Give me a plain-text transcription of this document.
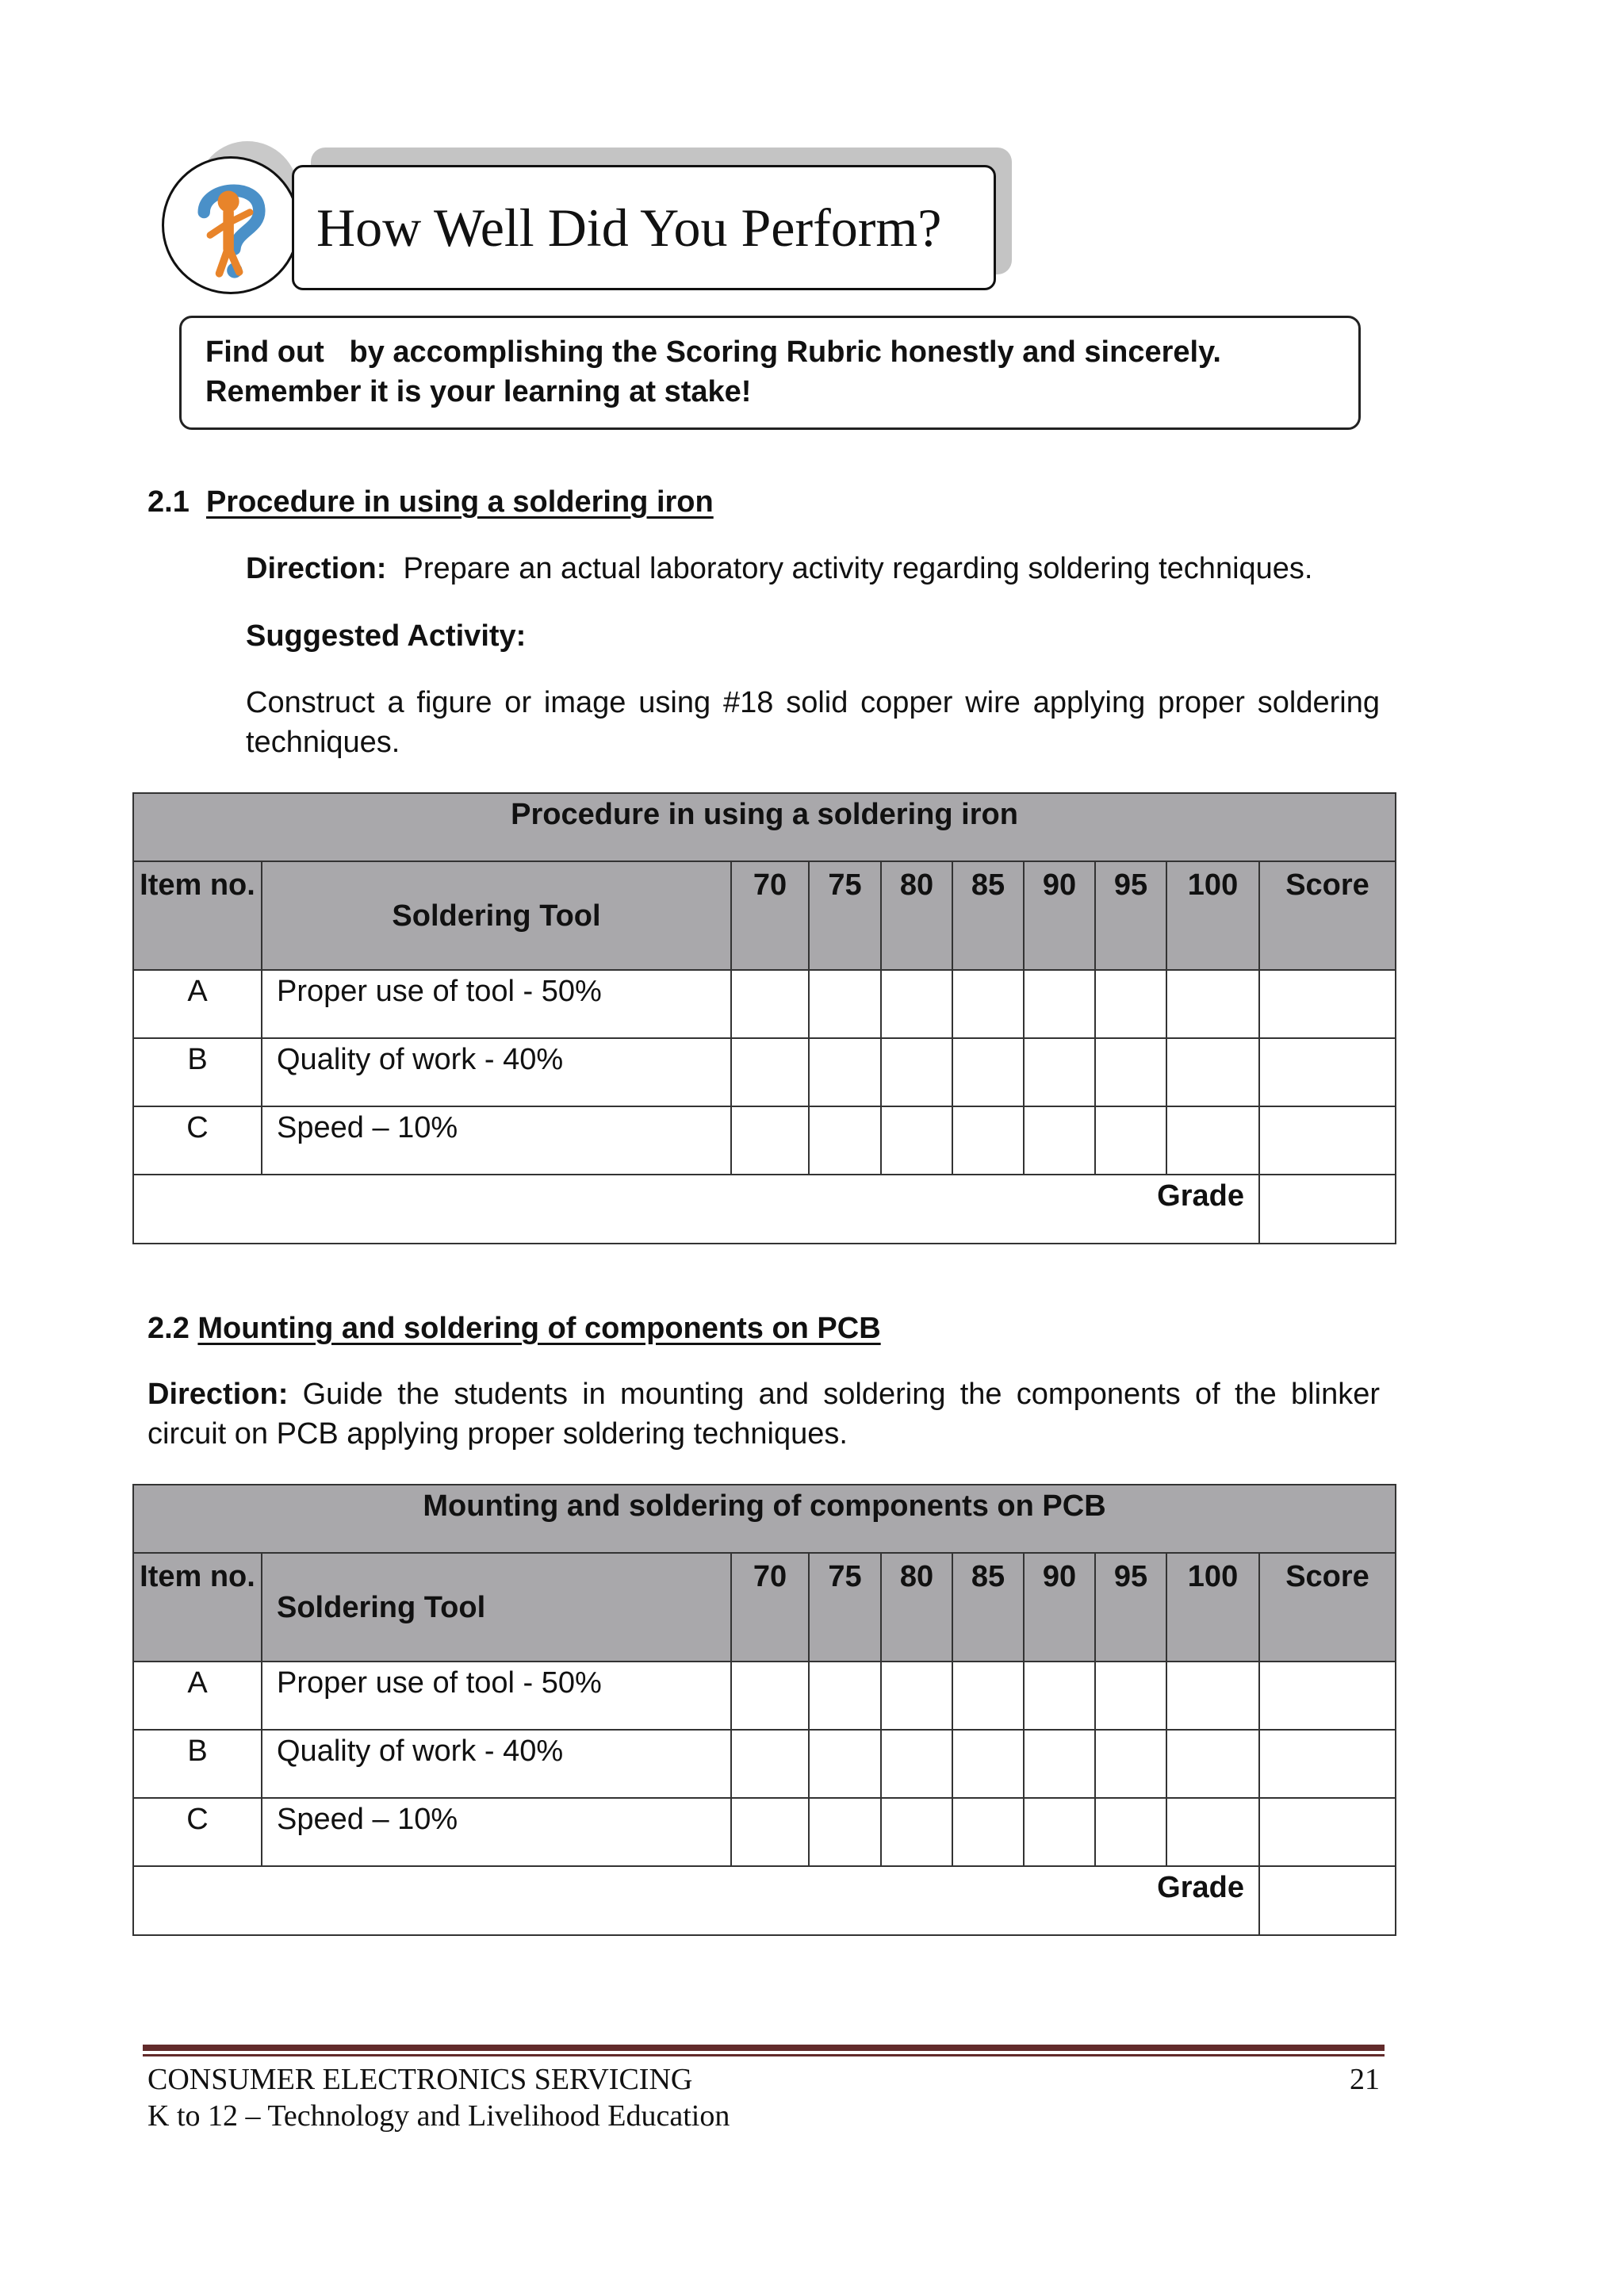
How Well Did You Perform?
Find out   by accomplishing the Scoring Rubric honestly and sincerely.
Remember it is your learning at stake!
2.1 Procedure in using a soldering iron
Direction: Prepare an actual laboratory activity regarding soldering techniques.
Suggested Activity:
Construct a figure or image using #18 solid copper wire applying proper soldering techniques.
Procedure in using a soldering iron									
Item no.	Soldering Tool	70	75	80	85	90	95	100	Score
A	Proper use of tool - 50%								
B	Quality of work - 40%								
C	Speed – 10%								
Grade									
2.2 Mounting and soldering of components on PCB
Direction: Guide the students in mounting and soldering the components of the blinker circuit on PCB applying proper soldering techniques.
Mounting and soldering of components on PCB									
Item no.	Soldering Tool	70	75	80	85	90	95	100	Score
A	Proper use of tool - 50%								
B	Quality of work - 40%								
C	Speed – 10%								
Grade									
CONSUMER ELECTRONICS SERVICING
K to 12 – Technology and Livelihood Education
21
